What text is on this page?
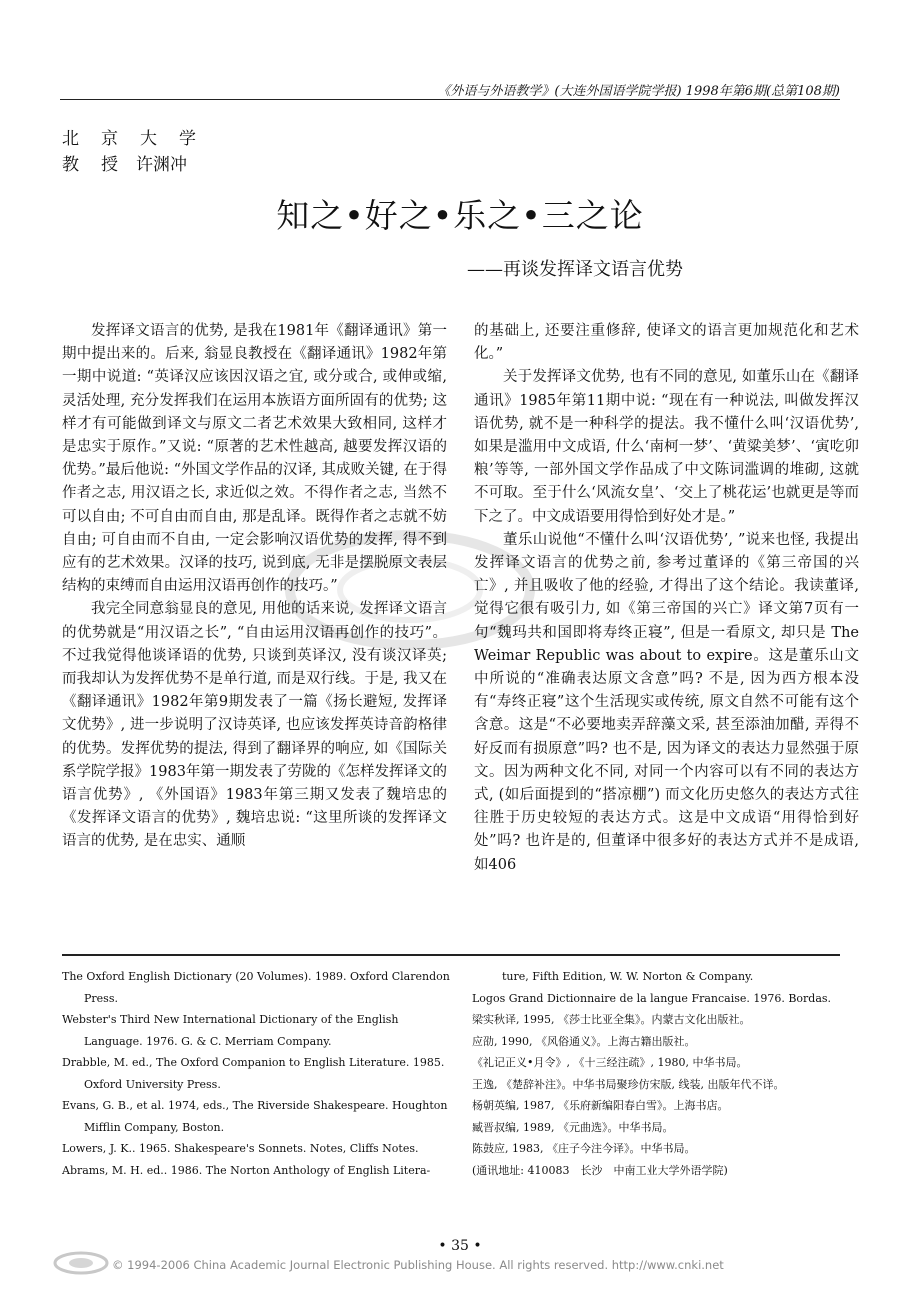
《外语与外语教学》(大连外国语学院学报) 1998年第6期(总第108期)
北京大学
教授许渊冲
知之•好之•乐之•三之论
——再谈发挥译文语言优势

发挥译文语言的优势, 是我在1981年《翻译通讯》第一期中提出来的。后来, 翁显良教授在《翻译通讯》1982年第一期中说道: “英译汉应该因汉语之宜, 或分或合, 或伸或缩, 灵活处理, 充分发挥我们在运用本族语方面所固有的优势; 这样才有可能做到译文与原文二者艺术效果大致相同, 这样才是忠实于原作。”又说: “原著的艺术性越高, 越要发挥汉语的优势。”最后他说: “外国文学作品的汉译, 其成败关键, 在于得作者之志, 用汉语之长, 求近似之效。不得作者之志, 当然不可以自由; 不可自由而自由, 那是乱译。既得作者之志就不妨自由; 可自由而不自由, 一定会影响汉语优势的发挥, 得不到应有的艺术效果。汉译的技巧, 说到底, 无非是摆脱原文表层结构的束缚而自由运用汉语再创作的技巧。”

我完全同意翁显良的意见, 用他的话来说, 发挥译文语言的优势就是“用汉语之长”, “自由运用汉语再创作的技巧”。不过我觉得他谈译语的优势, 只谈到英译汉, 没有谈汉译英; 而我却认为发挥优势不是单行道, 而是双行线。于是, 我又在《翻译通讯》1982年第9期发表了一篇《扬长避短, 发挥译文优势》, 进一步说明了汉诗英译, 也应该发挥英诗音韵格律的优势。发挥优势的提法, 得到了翻译界的响应, 如《国际关系学院学报》1983年第一期发表了劳陇的《怎样发挥译文的语言优势》, 《外国语》1983年第三期又发表了魏培忠的《发挥译文语言的优势》, 魏培忠说: “这里所谈的发挥译文语言的优势, 是在忠实、通顺

的基础上, 还要注重修辞, 使译文的语言更加规范化和艺术化。”

关于发挥译文优势, 也有不同的意见, 如董乐山在《翻译通讯》1985年第11期中说: “现在有一种说法, 叫做发挥汉语优势, 就不是一种科学的提法。我不懂什么叫‘汉语优势’, 如果是滥用中文成语, 什么‘南柯一梦’、‘黄粱美梦’、‘寅吃卯粮’等等, 一部外国文学作品成了中文陈词滥调的堆砌, 这就不可取。至于什么‘风流女皇’、‘交上了桃花运’也就更是等而下之了。中文成语要用得恰到好处才是。”

董乐山说他“不懂什么叫‘汉语优势’, ”说来也怪, 我提出发挥译文语言的优势之前, 参考过董译的《第三帝国的兴亡》, 并且吸收了他的经验, 才得出了这个结论。我读董译, 觉得它很有吸引力, 如《第三帝国的兴亡》译文第7页有一句“魏玛共和国即将寿终正寝”, 但是一看原文, 却只是 The Weimar Republic was about to expire。这是董乐山文中所说的“准确表达原文含意”吗? 不是, 因为西方根本没有“寿终正寝”这个生活现实或传统, 原文自然不可能有这个含意。这是“不必要地卖弄辞藻文采, 甚至添油加醋, 弄得不好反而有损原意”吗? 也不是, 因为译文的表达力显然强于原文。因为两种文化不同, 对同一个内容可以有不同的表达方式, (如后面提到的“搭凉棚”) 而文化历史悠久的表达方式往往胜于历史较短的表达方式。这是中文成语“用得恰到好处”吗? 也许是的, 但董译中很多好的表达方式并不是成语, 如406

The Oxford English Dictionary (20 Volumes). 1989. Oxford Clarendon Press.
Webster's Third New International Dictionary of the English Language. 1976. G. & C. Merriam Company.
Drabble, M. ed., The Oxford Companion to English Literature. 1985. Oxford University Press.
Evans, G. B., et al. 1974, eds., The Riverside Shakespeare. Houghton Mifflin Company, Boston.
Lowers, J. K.. 1965. Shakespeare's Sonnets. Notes, Cliffs Notes.
Abrams, M. H. ed.. 1986. The Norton Anthology of English Litera-
ture, Fifth Edition, W. W. Norton & Company.
Logos Grand Dictionnaire de la langue Francaise. 1976. Bordas.
梁实秋译, 1995, 《莎士比亚全集》。内蒙古文化出版社。
应劭, 1990, 《风俗通义》。上海古籍出版社。
《礼记正义•月令》, 《十三经注疏》, 1980, 中华书局。
王逸, 《楚辞补注》。中华书局聚珍仿宋版, 线装, 出版年代不详。
杨朝英编, 1987, 《乐府新编阳春白雪》。上海书店。
臧晋叔编, 1989, 《元曲选》。中华书局。
陈鼓应, 1983, 《庄子今注今译》。中华书局。
(通讯地址: 410083　长沙　中南工业大学外语学院)
• 35 •
© 1994-2006 China Academic Journal Electronic Publishing House. All rights reserved. http://www.cnki.net
